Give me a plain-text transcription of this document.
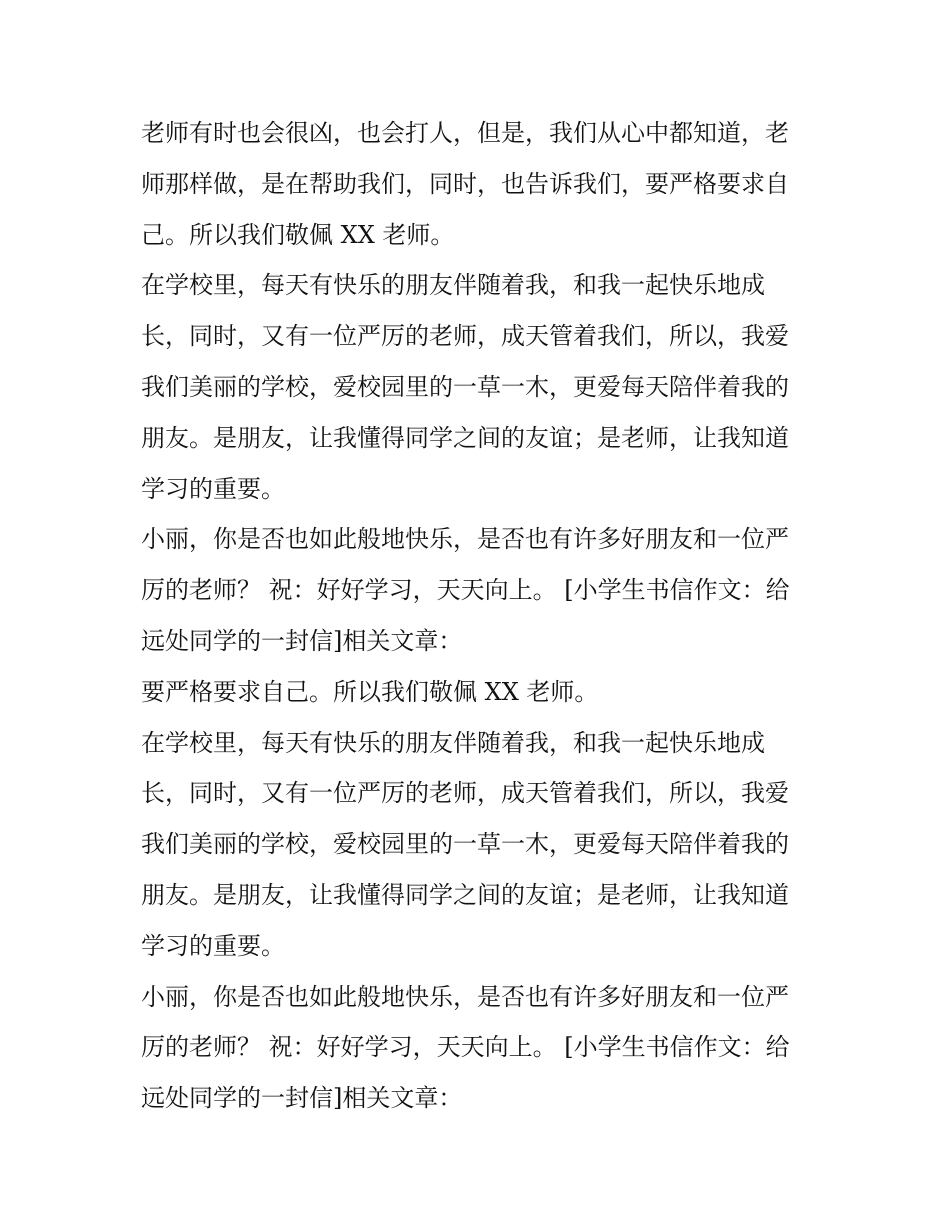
老师有时也会很凶，也会打人，但是，我们从心中都知道，老
师那样做，是在帮助我们，同时，也告诉我们，要严格要求自
己。所以我们敬佩 XX 老师。
在学校里，每天有快乐的朋友伴随着我，和我一起快乐地成
长，同时，又有一位严厉的老师，成天管着我们，所以，我爱
我们美丽的学校，爱校园里的一草一木，更爱每天陪伴着我的
朋友。是朋友，让我懂得同学之间的友谊；是老师，让我知道
学习的重要。
小丽，你是否也如此般地快乐，是否也有许多好朋友和一位严
厉的老师？ 祝：好好学习，天天向上。 [小学生书信作文：给
远处同学的一封信]相关文章：
要严格要求自己。所以我们敬佩 XX 老师。
在学校里，每天有快乐的朋友伴随着我，和我一起快乐地成
长，同时，又有一位严厉的老师，成天管着我们，所以，我爱
我们美丽的学校，爱校园里的一草一木，更爱每天陪伴着我的
朋友。是朋友，让我懂得同学之间的友谊；是老师，让我知道
学习的重要。
小丽，你是否也如此般地快乐，是否也有许多好朋友和一位严
厉的老师？ 祝：好好学习，天天向上。 [小学生书信作文：给
远处同学的一封信]相关文章：
